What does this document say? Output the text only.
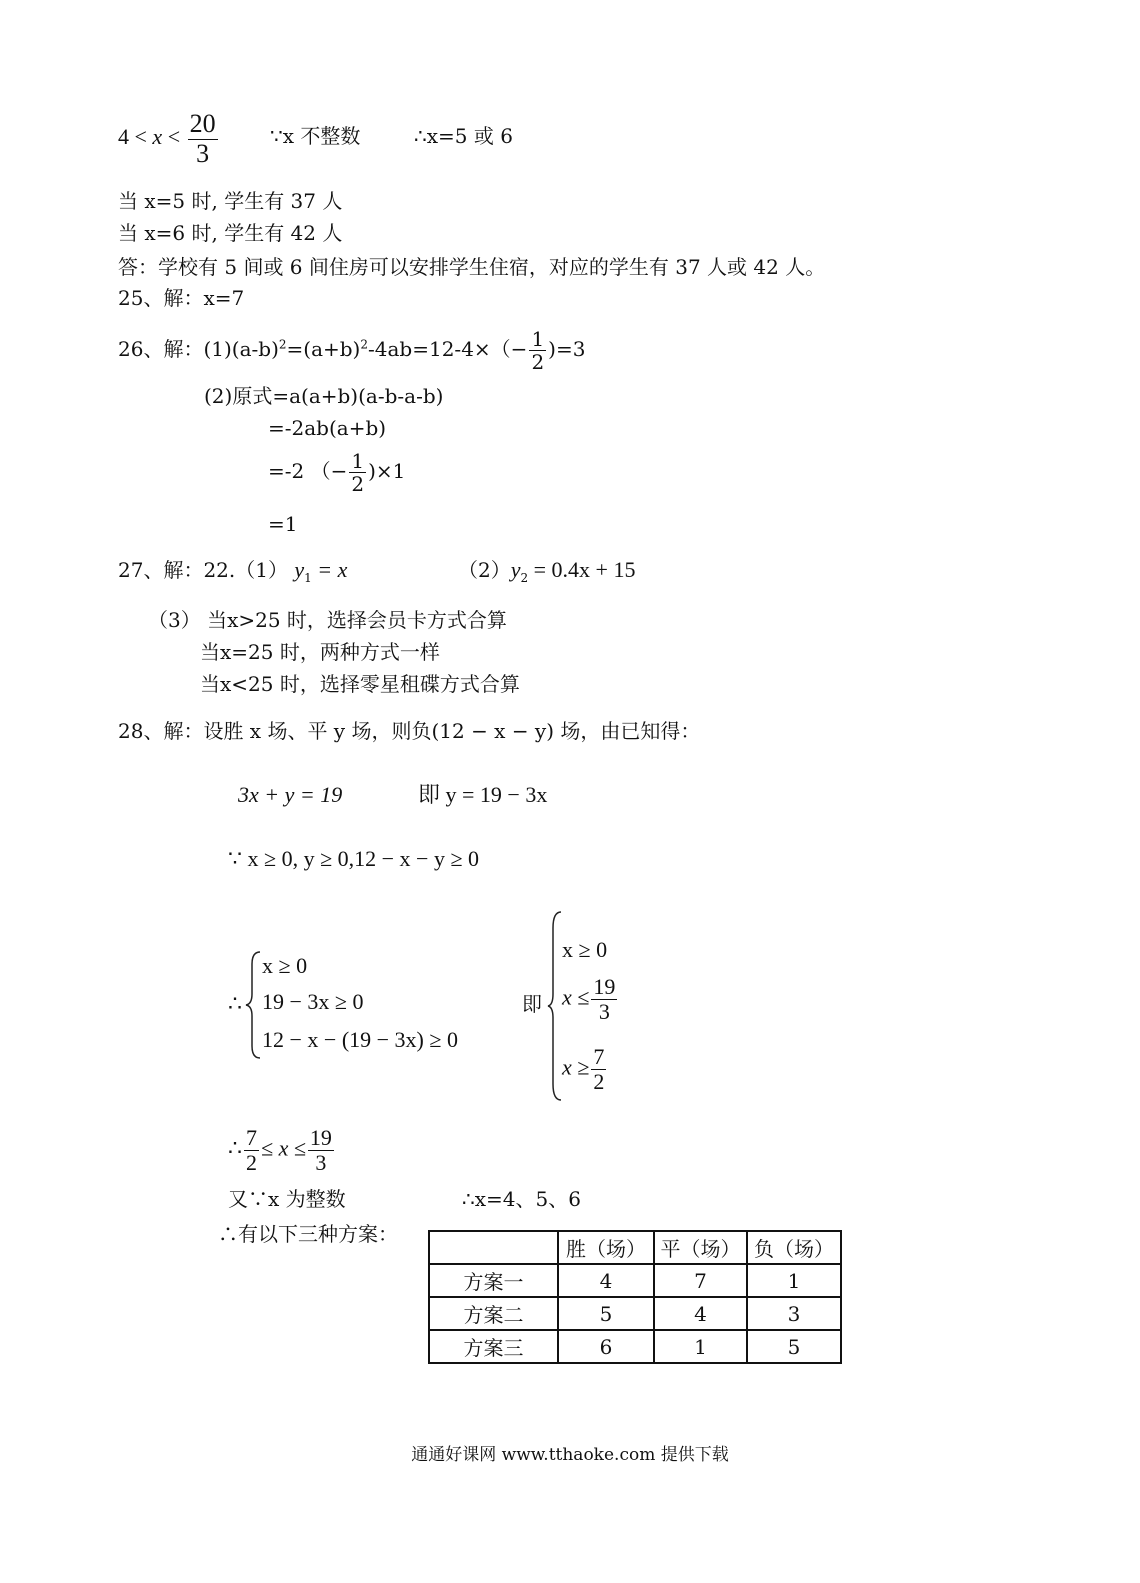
$4 < x < \frac{20}{3}$	∵x 不整数	∴x=5 或 6
当 x=5 时, 学生有 37 人
当 x=6 时, 学生有 42 人
答：学校有 5 间或 6 间住房可以安排学生住宿，对应的学生有 37 人或 42 人。
25、解：x=7
26、解：$(1)(a-b)^2=(a+b)^2-4ab=12-4\times(- \frac{1}{2} )=3$
(2)原式=a(a+b)(a-b-a-b)
=-2ab(a+b)
=-2 （− $\frac{1}{2} )\times 1$
=1
27、解：22.（1） $y_1 = x$	$(2)y_2 = 0.4x + 15$
（3） 当x>25 时，选择会员卡方式合算
当x=25 时，两种方式一样
当x<25 时，选择零星租碟方式合算
28、解：设胜 x 场、平 y 场，则负(12 − x − y) 场，由已知得：
3x + y = 19	即 y = 19 − 3x
∵ x ≥ 0, y ≥ 0,12 − x − y ≥ 0
∴
x ≥ 0
19 − 3x ≥ 0
12 − x − (19 − 3x) ≥ 0
即
x ≥ 0
$x \le \frac{19}{3}$
$x \ge \frac{7}{2}$
∴ $\frac{7}{2} \le x \le \frac{19}{3}$
又∵x 为整数	∴x=4、5、6
∴有以下三种方案：
	胜（场）	平（场）	负（场）
方案一	4	7	1
方案二	5	4	3
方案三	6	1	5
通通好课网 www.tthaoke.com 提供下载
